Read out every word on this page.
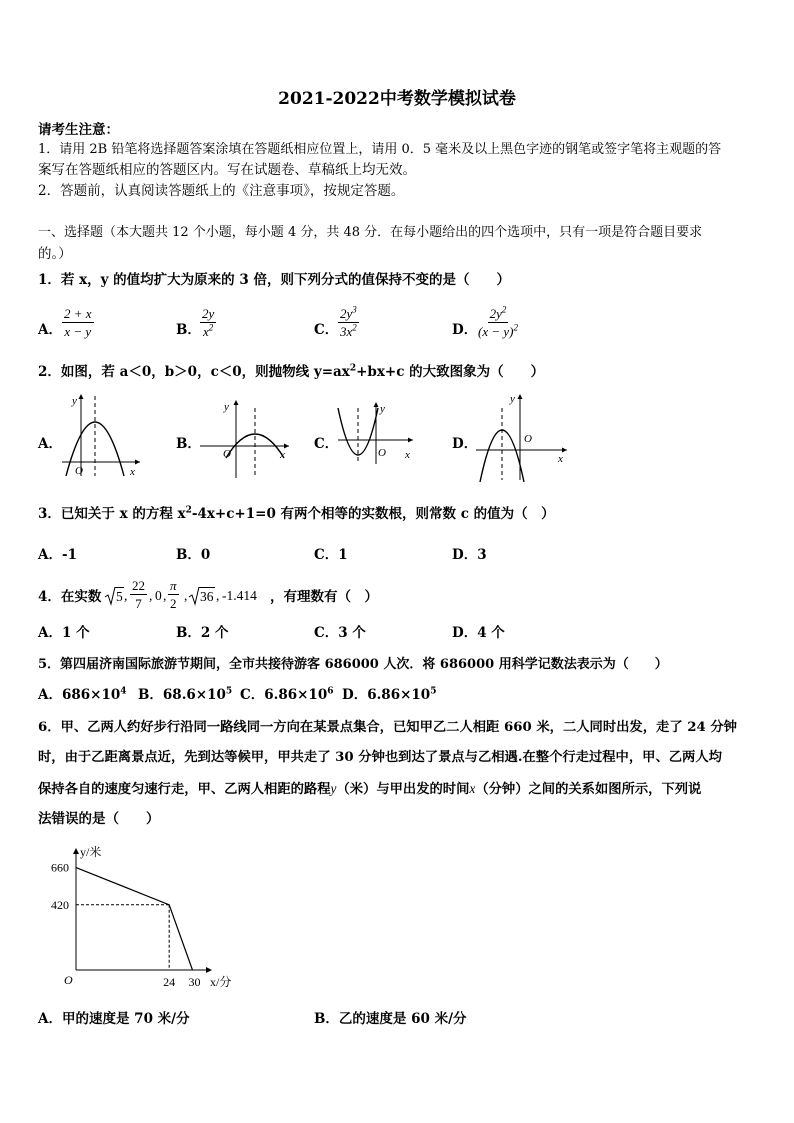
2021-2022中考数学模拟试卷
请考生注意：
1．请用 2B 铅笔将选择题答案涂填在答题纸相应位置上，请用 0．5 毫米及以上黑色字迹的钢笔或签字笔将主观题的答
案写在答题纸相应的答题区内。写在试题卷、草稿纸上均无效。
2．答题前，认真阅读答题纸上的《注意事项》，按规定答题。
一、选择题（本大题共 12 个小题，每小题 4 分，共 48 分．在每小题给出的四个选项中，只有一项是符合题目要求
的。）
1．若 x，y 的值均扩大为原来的 3 倍，则下列分式的值保持不变的是（　　）
A． $\frac{2 + x}{x - y}$	B． $\frac{2y}{x^2}$	C． $\frac{2y^3}{3x^2}$	D．
$\frac{2y^2}{(x - y)^2}$
2．如图，若 a＜0，b＞0，c＜0，则抛物线 $y=ax^2+bx+c$ 的大致图象为（　　）
A．
y
x
O
B．
y
x
O
C．
y
x
O
D．
y
x
O
3．已知关于 x 的方程 $x^2-4x+c+1=0$ 有两个相等的实数根，则常数 c 的值为（　）
A．-1	B．0	C．1	D．3
4．在实数 5 , $\frac{22}{7}$ , 0 , $\frac{\pi}{2}$ , 36 , -1.414 ，有理数有（　）
A．1 个	B．2 个	C．3 个	D．4 个
5．第四届济南国际旅游节期间，全市共接待游客 686000 人次．将 686000 用科学记数法表示为（　　）
A．$686\times 10^4$ B．$68.6\times 10^5$ C．$6.86\times 10^6$ D．$6.86\times 10^5$
6．甲、乙两人约好步行沿同一路线同一方向在某景点集合，已知甲乙二人相距 660 米，二人同时出发，走了 24 分钟
时，由于乙距离景点近，先到达等候甲，甲共走了 30 分钟也到达了景点与乙相遇.在整个行走过程中，甲、乙两人均
保持各自的速度匀速行走，甲、乙两人相距的路程y（米）与甲出发的时间x（分钟）之间的关系如图所示，下列说
法错误的是（　　）
y/米
x/分
O
660
420
24 30
A．甲的速度是 70 米/分	B．乙的速度是 60 米/分
